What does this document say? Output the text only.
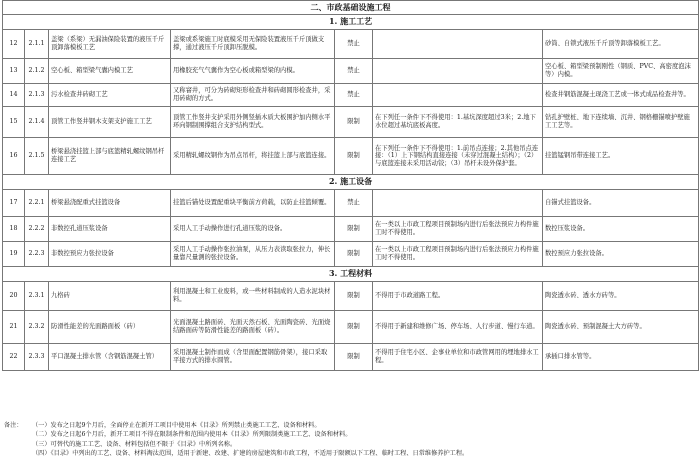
二、市政基础设施工程						
1. 施工工艺						
12	2.1.1	盖梁（系梁）无漏油保险装置的液压千斤顶卸落模板工艺	盖梁或系梁施工时底模采用无保险装置液压千斤顶做支撑，通过液压千斤顶卸压脱模。	禁止		砂筒、自锁式液压千斤顶等卸落模板工艺。
13	2.1.2	空心板、箱型梁气囊内模工艺	用橡胶充气气囊作为空心板或箱型梁的内模。	禁止		空心板、箱型梁预制刚性（钢质、PVC、高密度泡沫等）内模。
14	2.1.3	污水检查井砖砌工艺	又称窨井，可分为砖砌矩形检查井和砖砌圆形检查井，采用砖砌的方式。	禁止		检查井钢筋混凝土现浇工艺或一体式成品检查井等。
15	2.1.4	顶管工作竖井钢木支架支护施工工艺	顶管工作竖井支护采用外侧竖插木质大板围护加内侧水平环向钢制围撑组合支护结构型式。	限制	在下列任一条件下不得使用：1.基坑深度超过3米；2.地下水位超过基坑底板高度。	钻孔护壁桩、地下连续墙、沉井、钢格栅锚喷护壁施工工艺等。
16	2.1.5	桥梁悬浇挂篮上部与底篮精轧螺纹钢吊杆连接工艺	采用精轧螺纹钢作为吊点吊杆，将挂篮上部与底篮连接。	限制	在下列任一条件下不得使用：1.前吊点连接；2.其他吊点连接：（1）上下钢结构直接连接（未穿过混凝土结构）；（2）与底篮连接未采用活动铰；（3）吊杆未设外保护套。	挂篮锰钢吊带连接工艺。
2. 施工设备						
17	2.2.1	桥梁悬浇配重式挂篮设备	挂篮后锚处设置配重块平衡前方荷载，以防止挂篮倾覆。	禁止		自锚式挂篮设备。
18	2.2.2	非数控孔道压浆设备	采用人工手动操作进行孔道压浆的设备。	限制	在一类以上市政工程项目预制场内进行后张法预应力构件施工时不得使用。	数控压浆设备。
19	2.2.3	非数控预应力张拉设备	采用人工手动操作张拉油泵，从压力表读取张拉力，伸长量靠尺量测的张拉设备。	限制	在一类以上市政工程项目预制场内进行后张法预应力构件施工时不得使用。	数控预应力张拉设备。
3. 工程材料						
20	2.3.1	九格砖	利用混凝土和工业废料，或一些材料制成的人造水泥块材料。	限制	不得用于市政道路工程。	陶瓷透水砖、透水方砖等。
21	2.3.2	防滑性能差的光面路面板（砖）	光面混凝土路面砖、光面天然石板、光面陶瓷砖、光面烧结路面砖等防滑性能差的路面板（砖）。	限制	不得用于新建和维修广场、停车场、人行步道、慢行车道。	陶瓷透水砖、预制混凝土大方砖等。
22	2.3.3	平口混凝土排水管（含钢筋混凝土管）	采用混凝土制作而成（含里面配置钢筋骨架），接口采取平接方式的排水圆管。	限制	不得用于住宅小区、企事业单位和市政管网用的埋地排水工程。	承插口排水管等。
备注： （一）发布之日起9个月后，全面停止在新开工项目中使用本《目录》所列禁止类施工工艺、设备和材料。
（二）发布之日起6个月后，新开工项目不得在限制条件和范围内使用本《目录》所列限制类施工工艺、设备和材料。
（三）可替代的施工工艺、设备、材料包括但不限于《目录》中所列名称。
（四）《目录》中列出的工艺、设备、材料淘汰范围，适用于新建、改建、扩建的房屋建筑和市政工程，不适用于限额以下工程、临时工程、日常维修养护工程。
